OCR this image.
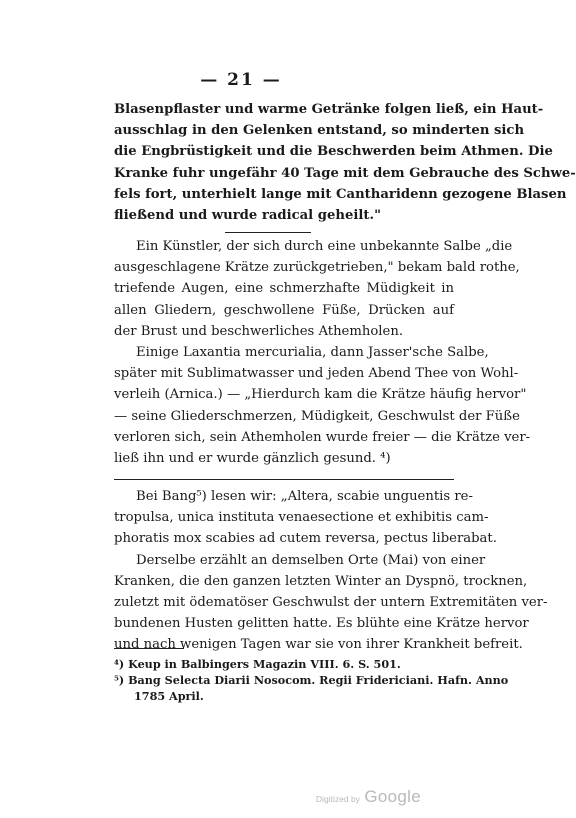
— 21 —
Blasenpflaster und warme Getränke folgen ließ, ein Haut-
ausschlag in den Gelenken entstand, so minderten sich
die Engbrüstigkeit und die Beschwerden beim Athmen. Die
Kranke fuhr ungefähr 40 Tage mit dem Gebrauche des Schwe-
fels fort, unterhielt lange mit Cantharidenn gezogene Blasen
fließend und wurde radical geheilt."
Ein Künstler, der sich durch eine unbekannte Salbe „die
ausgeschlagene Krätze zurückgetrieben," bekam bald rothe,
triefende Augen, eine schmerzhafte Müdigkeit in
allen Gliedern, geschwollene Füße, Drücken auf
der Brust und beschwerliches Athemholen.
Einige Laxantia mercurialia, dann Jasser'sche Salbe,
später mit Sublimatwasser und jeden Abend Thee von Wohl-
verleih (Arnica.) — „Hierdurch kam die Krätze häufig hervor"
— seine Gliederschmerzen, Müdigkeit, Geschwulst der Füße
verloren sich, sein Athemholen wurde freier — die Krätze ver-
ließ ihn und er wurde gänzlich gesund. ⁴)
Bei Bang⁵) lesen wir: „Altera, scabie unguentis re-
tropulsa, unica instituta venaesectione et exhibitis cam-
phoratis mox scabies ad cutem reversa, pectus liberabat.
Derselbe erzählt an demselben Orte (Mai) von einer
Kranken, die den ganzen letzten Winter an Dyspnö, trocknen,
zuletzt mit ödematöser Geschwulst der untern Extremitäten ver-
bundenen Husten gelitten hatte. Es blühte eine Krätze hervor
und nach wenigen Tagen war sie von ihrer Krankheit befreit.
⁴) Keup in Balbingers Magazin VIII. 6. S. 501.
⁵) Bang Selecta Diarii Nosocom. Regii Fridericiani. Hafn. Anno
1785 April.
Digitized by Google
